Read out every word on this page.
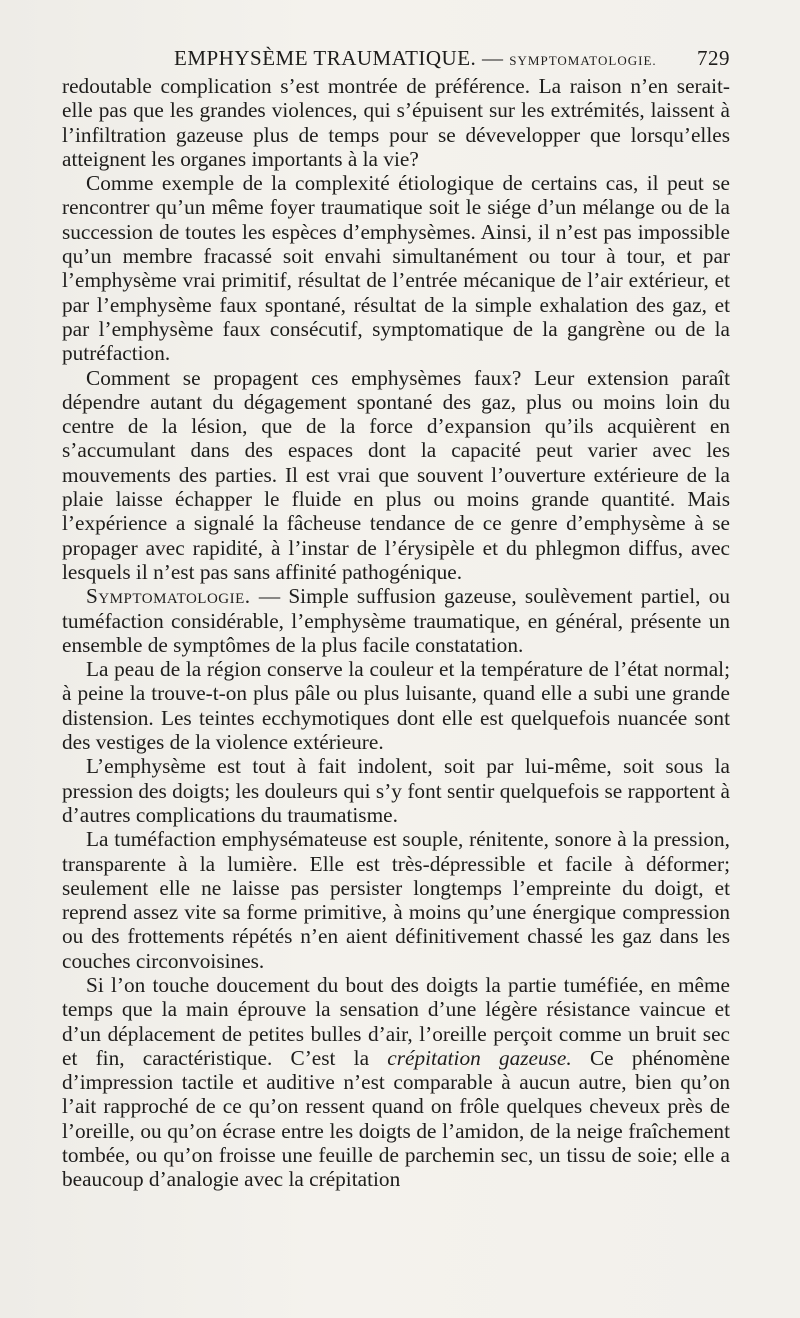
EMPHYSÈME TRAUMATIQUE. — SYMPTOMATOLOGIE. 729

redoutable complication s’est montrée de préférence. La raison n’en serait-elle pas que les grandes violences, qui s’épuisent sur les extrémités, laissent à l’infiltration gazeuse plus de temps pour se dévevelopper que lorsqu’elles atteignent les organes importants à la vie?

Comme exemple de la complexité étiologique de certains cas, il peut se rencontrer qu’un même foyer traumatique soit le siége d’un mélange ou de la succession de toutes les espèces d’emphysèmes. Ainsi, il n’est pas impossible qu’un membre fracassé soit envahi simultanément ou tour à tour, et par l’emphysème vrai primitif, résultat de l’entrée mécanique de l’air extérieur, et par l’emphysème faux spontané, résultat de la simple exhalation des gaz, et par l’emphysème faux consécutif, symptomatique de la gangrène ou de la putréfaction.

Comment se propagent ces emphysèmes faux? Leur extension paraît dépendre autant du dégagement spontané des gaz, plus ou moins loin du centre de la lésion, que de la force d’expansion qu’ils acquièrent en s’accumulant dans des espaces dont la capacité peut varier avec les mouvements des parties. Il est vrai que souvent l’ouverture extérieure de la plaie laisse échapper le fluide en plus ou moins grande quantité. Mais l’expérience a signalé la fâcheuse tendance de ce genre d’emphysème à se propager avec rapidité, à l’instar de l’érysipèle et du phlegmon diffus, avec lesquels il n’est pas sans affinité pathogénique.

Symptomatologie. — Simple suffusion gazeuse, soulèvement partiel, ou tuméfaction considérable, l’emphysème traumatique, en général, présente un ensemble de symptômes de la plus facile constatation.

La peau de la région conserve la couleur et la température de l’état normal; à peine la trouve-t-on plus pâle ou plus luisante, quand elle a subi une grande distension. Les teintes ecchymotiques dont elle est quelquefois nuancée sont des vestiges de la violence extérieure.

L’emphysème est tout à fait indolent, soit par lui-même, soit sous la pression des doigts; les douleurs qui s’y font sentir quelquefois se rapportent à d’autres complications du traumatisme.

La tuméfaction emphysémateuse est souple, rénitente, sonore à la pression, transparente à la lumière. Elle est très-dépressible et facile à déformer; seulement elle ne laisse pas persister longtemps l’empreinte du doigt, et reprend assez vite sa forme primitive, à moins qu’une énergique compression ou des frottements répétés n’en aient définitivement chassé les gaz dans les couches circonvoisines.

Si l’on touche doucement du bout des doigts la partie tuméfiée, en même temps que la main éprouve la sensation d’une légère résistance vaincue et d’un déplacement de petites bulles d’air, l’oreille perçoit comme un bruit sec et fin, caractéristique. C’est la crépitation gazeuse. Ce phénomène d’impression tactile et auditive n’est comparable à aucun autre, bien qu’on l’ait rapproché de ce qu’on ressent quand on frôle quelques cheveux près de l’oreille, ou qu’on écrase entre les doigts de l’amidon, de la neige fraîchement tombée, ou qu’on froisse une feuille de parchemin sec, un tissu de soie; elle a beaucoup d’analogie avec la crépitation
